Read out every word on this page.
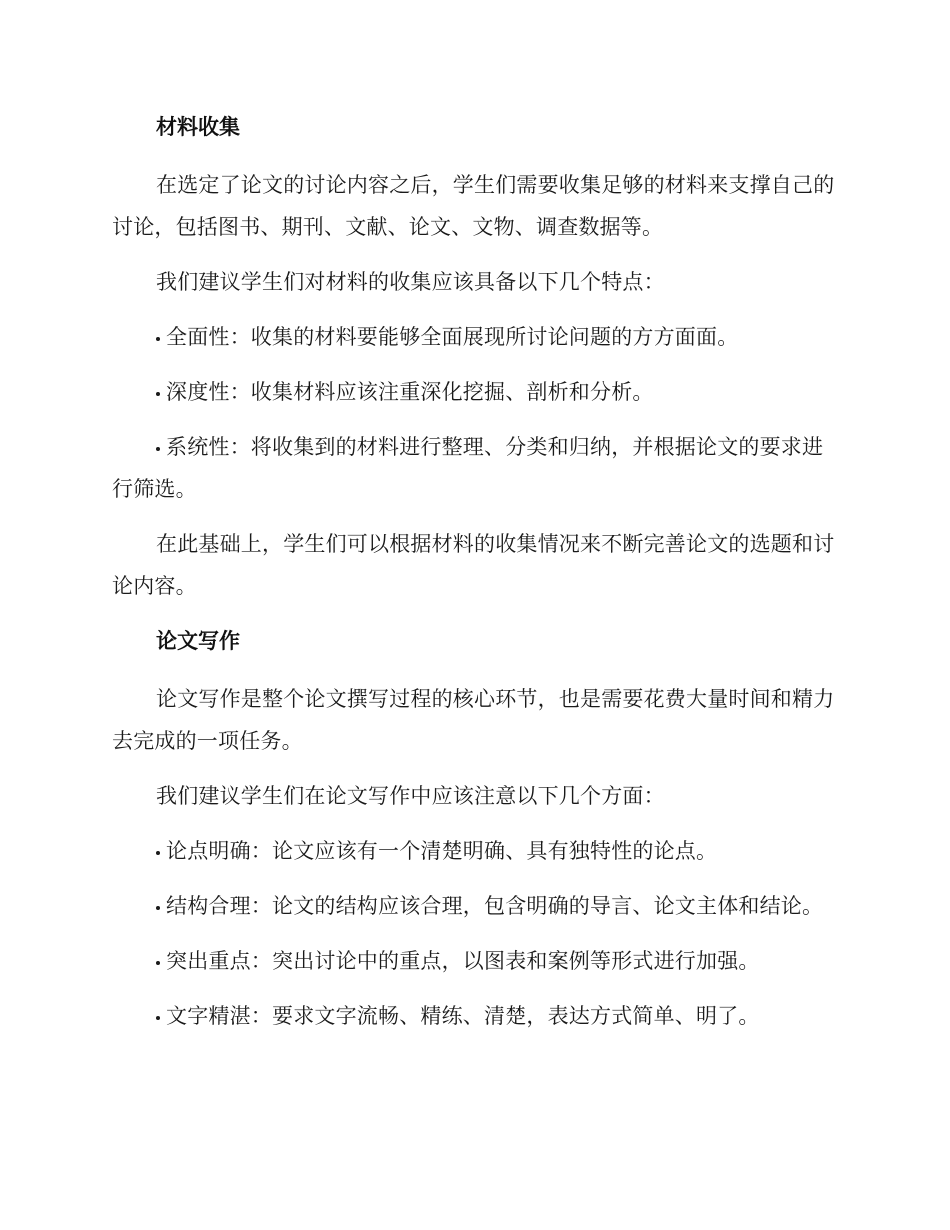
材料收集

在选定了论文的讨论内容之后，学生们需要收集足够的材料来支撑自己的讨论，包括图书、期刊、文献、论文、文物、调查数据等。

我们建议学生们对材料的收集应该具备以下几个特点：

全面性：收集的材料要能够全面展现所讨论问题的方方面面。

深度性：收集材料应该注重深化挖掘、剖析和分析。

系统性：将收集到的材料进行整理、分类和归纳，并根据论文的要求进行筛选。

在此基础上，学生们可以根据材料的收集情况来不断完善论文的选题和讨论内容。

论文写作

论文写作是整个论文撰写过程的核心环节，也是需要花费大量时间和精力去完成的一项任务。

我们建议学生们在论文写作中应该注意以下几个方面：

论点明确：论文应该有一个清楚明确、具有独特性的论点。

结构合理：论文的结构应该合理，包含明确的导言、论文主体和结论。

突出重点：突出讨论中的重点，以图表和案例等形式进行加强。

文字精湛：要求文字流畅、精练、清楚，表达方式简单、明了。
